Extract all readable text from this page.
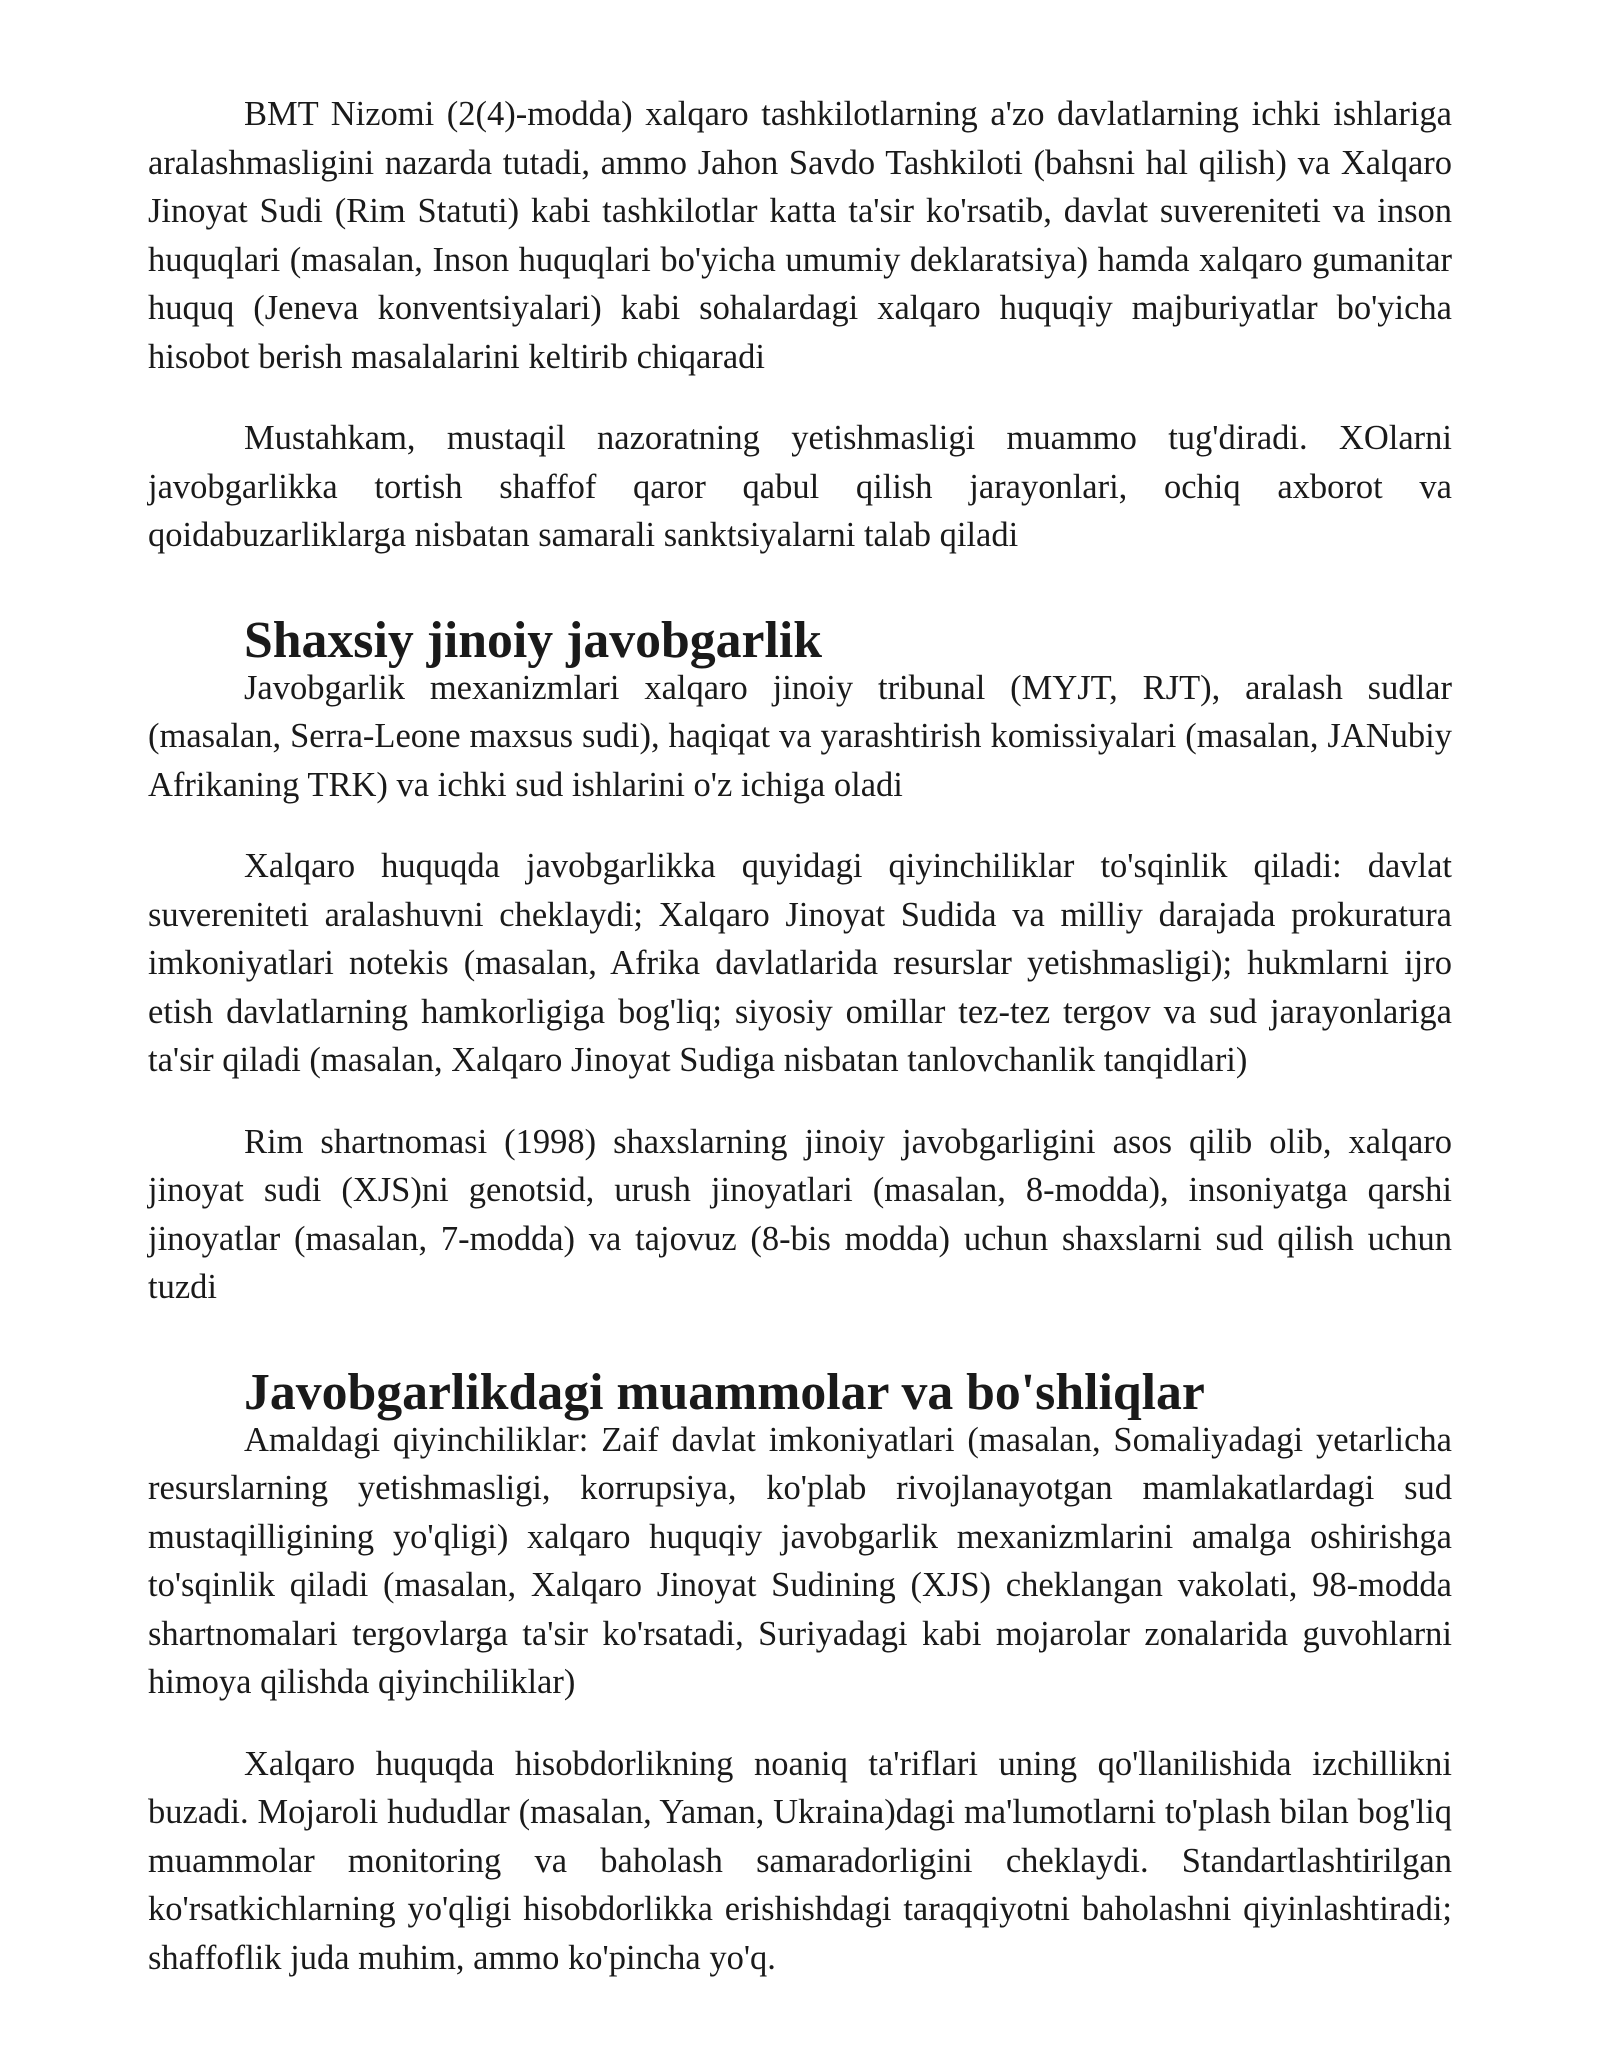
BMT Nizomi (2(4)-modda) xalqaro tashkilotlarning a'zo davlatlarning ichki ishlariga aralashmasligini nazarda tutadi, ammo Jahon Savdo Tashkiloti (bahsni hal qilish) va Xalqaro Jinoyat Sudi (Rim Statuti) kabi tashkilotlar katta ta'sir ko'rsatib, davlat suvereniteti va inson huquqlari (masalan, Inson huquqlari bo'yicha umumiy deklaratsiya) hamda xalqaro gumanitar huquq (Jeneva konventsiyalari) kabi sohalardagi xalqaro huquqiy majburiyatlar bo'yicha hisobot berish masalalarini keltirib chiqaradi

Mustahkam, mustaqil nazoratning yetishmasligi muammo tug'diradi. XOlarni javobgarlikka tortish shaffof qaror qabul qilish jarayonlari, ochiq axborot va qoidabuzarliklarga nisbatan samarali sanktsiyalarni talab qiladi

Shaxsiy jinoiy javobgarlik

Javobgarlik mexanizmlari xalqaro jinoiy tribunal (MYJT, RJT), aralash sudlar (masalan, Serra-Leone maxsus sudi), haqiqat va yarashtirish komissiyalari (masalan, JANubiy Afrikaning TRK) va ichki sud ishlarini o'z ichiga oladi

Xalqaro huquqda javobgarlikka quyidagi qiyinchiliklar to'sqinlik qiladi: davlat suvereniteti aralashuvni cheklaydi; Xalqaro Jinoyat Sudida va milliy darajada prokuratura imkoniyatlari notekis (masalan, Afrika davlatlarida resurslar yetishmasligi); hukmlarni ijro etish davlatlarning hamkorligiga bog'liq; siyosiy omillar tez-tez tergov va sud jarayonlariga ta'sir qiladi (masalan, Xalqaro Jinoyat Sudiga nisbatan tanlovchanlik tanqidlari)

Rim shartnomasi (1998) shaxslarning jinoiy javobgarligini asos qilib olib, xalqaro jinoyat sudi (XJS)ni genotsid, urush jinoyatlari (masalan, 8-modda), insoniyatga qarshi jinoyatlar (masalan, 7-modda) va tajovuz (8-bis modda) uchun shaxslarni sud qilish uchun tuzdi

Javobgarlikdagi muammolar va bo'shliqlar

Amaldagi qiyinchiliklar: Zaif davlat imkoniyatlari (masalan, Somaliyadagi yetarlicha resurslarning yetishmasligi, korrupsiya, ko'plab rivojlanayotgan mamlakatlardagi sud mustaqilligining yo'qligi) xalqaro huquqiy javobgarlik mexanizmlarini amalga oshirishga to'sqinlik qiladi (masalan, Xalqaro Jinoyat Sudining (XJS) cheklangan vakolati, 98-modda shartnomalari tergovlarga ta'sir ko'rsatadi, Suriyadagi kabi mojarolar zonalarida guvohlarni himoya qilishda qiyinchiliklar)

Xalqaro huquqda hisobdorlikning noaniq ta'riflari uning qo'llanilishida izchillikni buzadi. Mojaroli hududlar (masalan, Yaman, Ukraina)dagi ma'lumotlarni to'plash bilan bog'liq muammolar monitoring va baholash samaradorligini cheklaydi. Standartlashtirilgan ko'rsatkichlarning yo'qligi hisobdorlikka erishishdagi taraqqiyotni baholashni qiyinlashtiradi; shaffoflik juda muhim, ammo ko'pincha yo'q.
